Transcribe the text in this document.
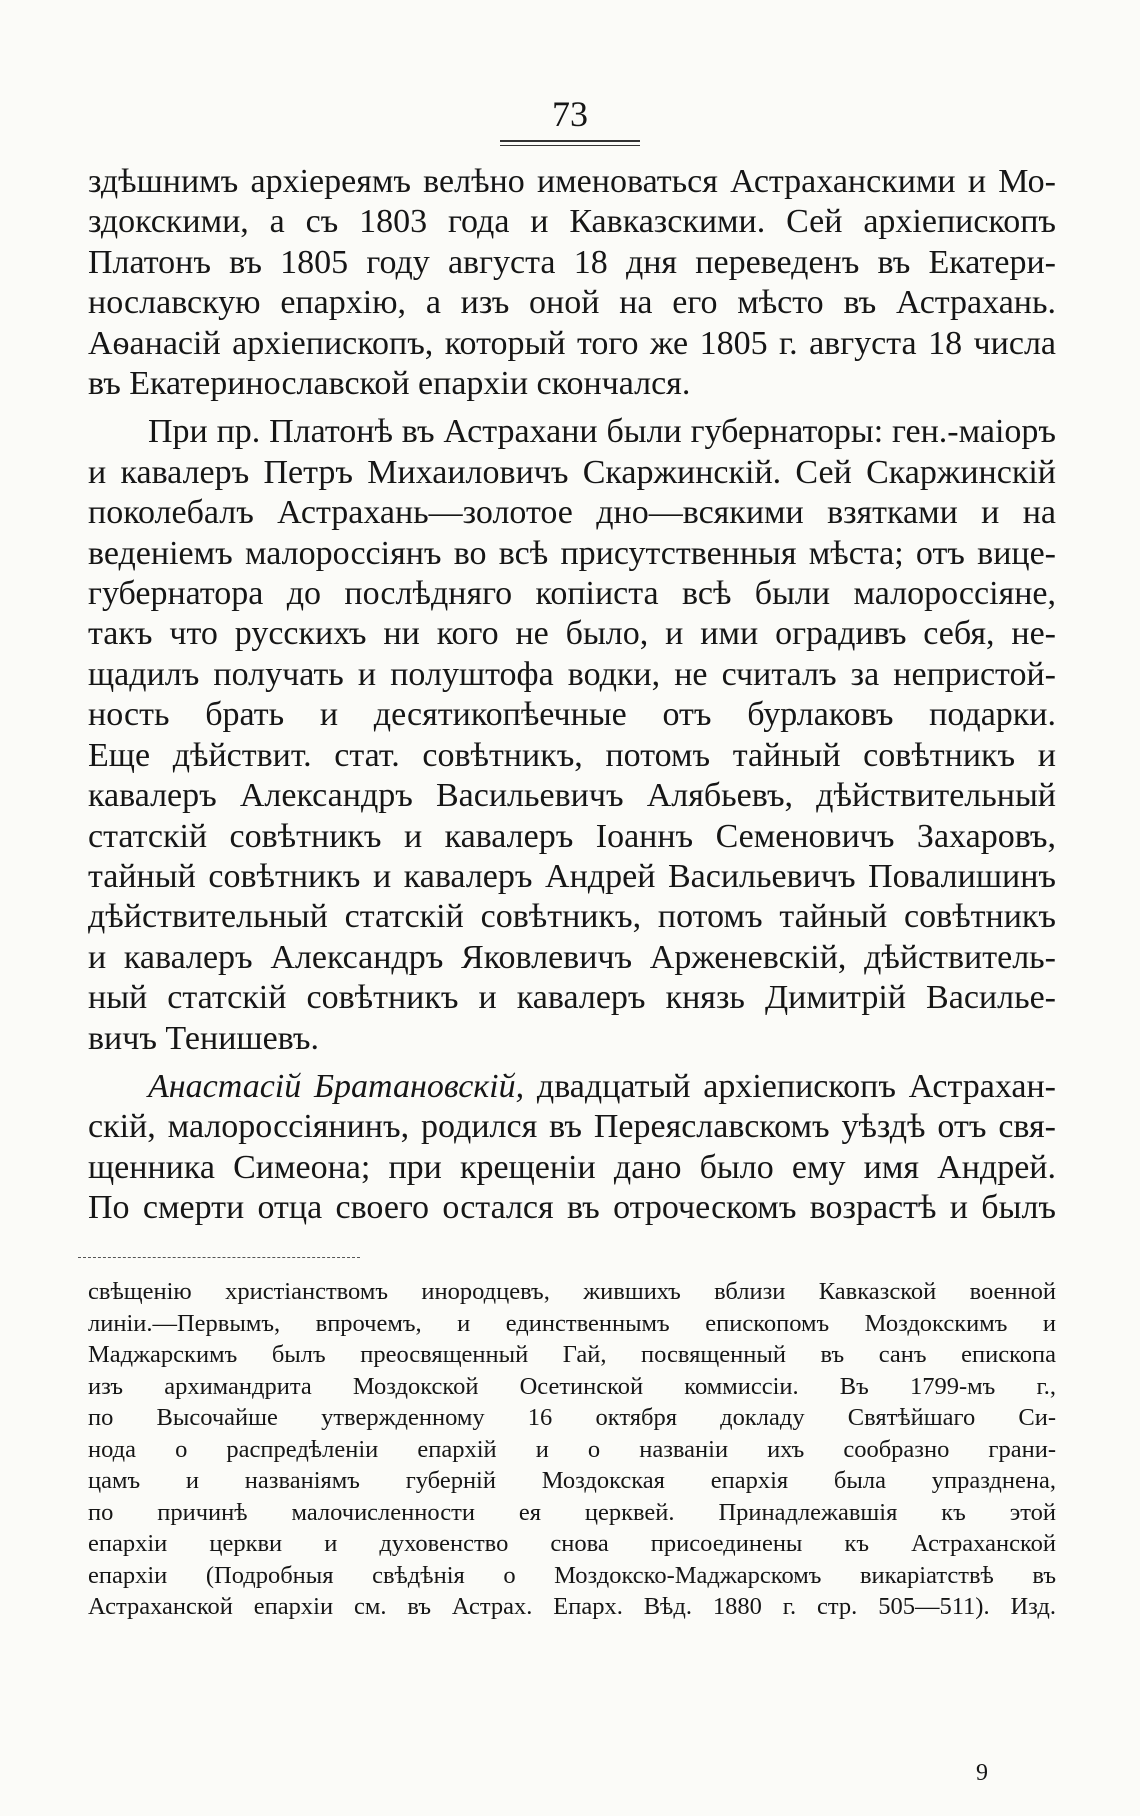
73

здѣшнимъ архіереямъ велѣно именоваться Астраханскими и Мо-
здокскими, а съ 1803 года и Кавказскими. Сей архіепископъ
Платонъ въ 1805 году августа 18 дня переведенъ въ Екатери-
нославскую епархію, а изъ оной на его мѣсто въ Астрахань.
Аѳанасій архіепископъ, который того же 1805 г. августа 18 числа
въ Екатеринославской епархіи скончался.

При пр. Платонѣ въ Астрахани были губернаторы: ген.-маіоръ
и кавалеръ Петръ Михаиловичъ Скаржинскій. Сей Скаржинскій
поколебалъ Астрахань—золотое дно—всякими взятками и на
веденіемъ малороссіянъ во всѣ присутственныя мѣста; отъ вице-
губернатора до послѣдняго копіиста всѣ были малороссіяне,
такъ что русскихъ ни кого не было, и ими оградивъ себя, не-
щадилъ получать и полуштофа водки, не считалъ за непристой-
ность брать и десятикопѣечные отъ бурлаковъ подарки.
Еще дѣйствит. стат. совѣтникъ, потомъ тайный совѣтникъ и
кавалеръ Александръ Васильевичъ Алябьевъ, дѣйствительный
статскій совѣтникъ и кавалеръ Іоаннъ Семеновичъ Захаровъ,
тайный совѣтникъ и кавалеръ Андрей Васильевичъ Повалишинъ
дѣйствительный статскій совѣтникъ, потомъ тайный совѣтникъ
и кавалеръ Александръ Яковлевичъ Арженевскій, дѣйствитель-
ный статскій совѣтникъ и кавалеръ князь Димитрій Василье-
вичъ Тенишевъ.

Анастасій Братановскій, двадцатый архіепископъ Астрахан-
скій, малороссіянинъ, родился въ Переяславскомъ уѣздѣ отъ свя-
щенника Симеона; при крещеніи дано было ему имя Андрей.
По смерти отца своего остался въ отроческомъ возрастѣ и былъ

свѣщенію христіанствомъ инородцевъ, жившихъ вблизи Кавказской военной
линіи.—Первымъ, впрочемъ, и единственнымъ епископомъ Моздокскимъ и
Маджарскимъ былъ преосвященный Гай, посвященный въ санъ епископа
изъ архимандрита Моздокской Осетинской коммиссіи. Въ 1799-мъ г.,
по Высочайше утвержденному 16 октября докладу Святѣйшаго Си-
нода о распредѣленіи епархій и о названіи ихъ сообразно грани-
цамъ и названіямъ губерній Моздокская епархія была упразднена,
по причинѣ малочисленности ея церквей. Принадлежавшія къ этой
епархіи церкви и духовенство снова присоединены къ Астраханской
епархіи (Подробныя свѣдѣнія о Моздокско-Маджарскомъ викаріатствѣ въ
Астраханской епархіи см. въ Астрах. Епарх. Вѣд. 1880 г. стр. 505—511). Изд.
9
